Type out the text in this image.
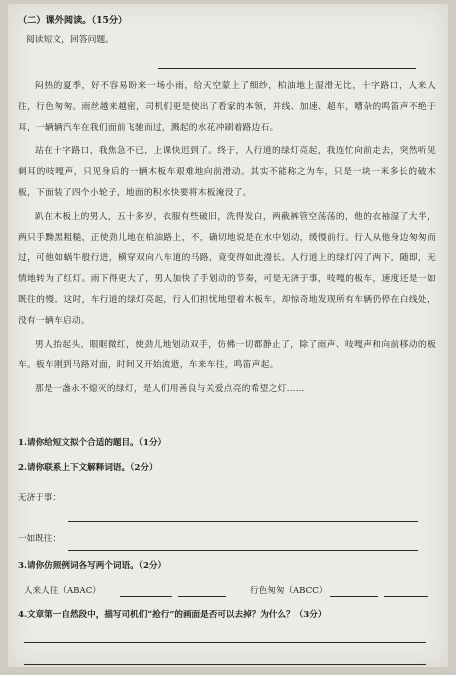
（二）课外阅读。（15分）
阅读短文，回答问题。

闷热的夏季，好不容易盼来一场小雨，给天空蒙上了细纱，柏油地上湿滑无比，十字路口，人来人往，行色匆匆。雨丝越来越密，司机们更是使出了看家的本领，并线、加速、超车，嘈杂的鸣笛声不绝于耳，一辆辆汽车在我们面前飞驰而过，溅起的水花冲刷着路边石。

站在十字路口，我焦急不已，上课快迟到了。终于，人行道的绿灯亮起，我连忙向前走去，突然听见刺耳的吱嘎声，只见身后的一辆木板车艰难地向前滑动。其实不能称之为车，只是一块一米多长的破木板，下面装了四个小轮子，地面的积水快要将木板淹没了。

趴在木板上的男人，五十多岁，衣服有些破旧，洗得发白，两截裤管空荡荡的，他的衣袖湿了大半，两只手黝黑粗糙，正使劲儿地在柏油路上，不，确切地说是在水中划动，缓慢前行。行人从他身边匆匆而过，可他如蜗牛般行进，横穿双向八车道的马路，竟变得如此漫长。人行道上的绿灯闪了两下，随即，无情地转为了红灯。雨下得更大了，男人加快了手划动的节奏，可是无济于事，吱嘎的板车，速度还是一如既往的慢。这时，车行道的绿灯亮起，行人们担忧地望着木板车，却惊奇地发现所有车辆仍停在白线处，没有一辆车启动。

男人抬起头，眼眶微红，使劲儿地划动双手，仿佛一切都静止了，除了雨声、吱嘎声和向前移动的板车。板车刚到马路对面，时间又开始流逝，车来车往，鸣笛声起。

那是一盏永不熄灭的绿灯，是人们用善良与关爱点亮的希望之灯……

1.请你给短文拟个合适的题目。（1分）
2.请你联系上下文解释词语。（2分）
无济于事：
一如既往：
3.请你仿照例词各写两个词语。（2分）
人来人往（ABAC）	行色匆匆（ABCC）
4.文章第一自然段中，描写司机们“抢行”的画面是否可以去掉？为什么？（3分）
